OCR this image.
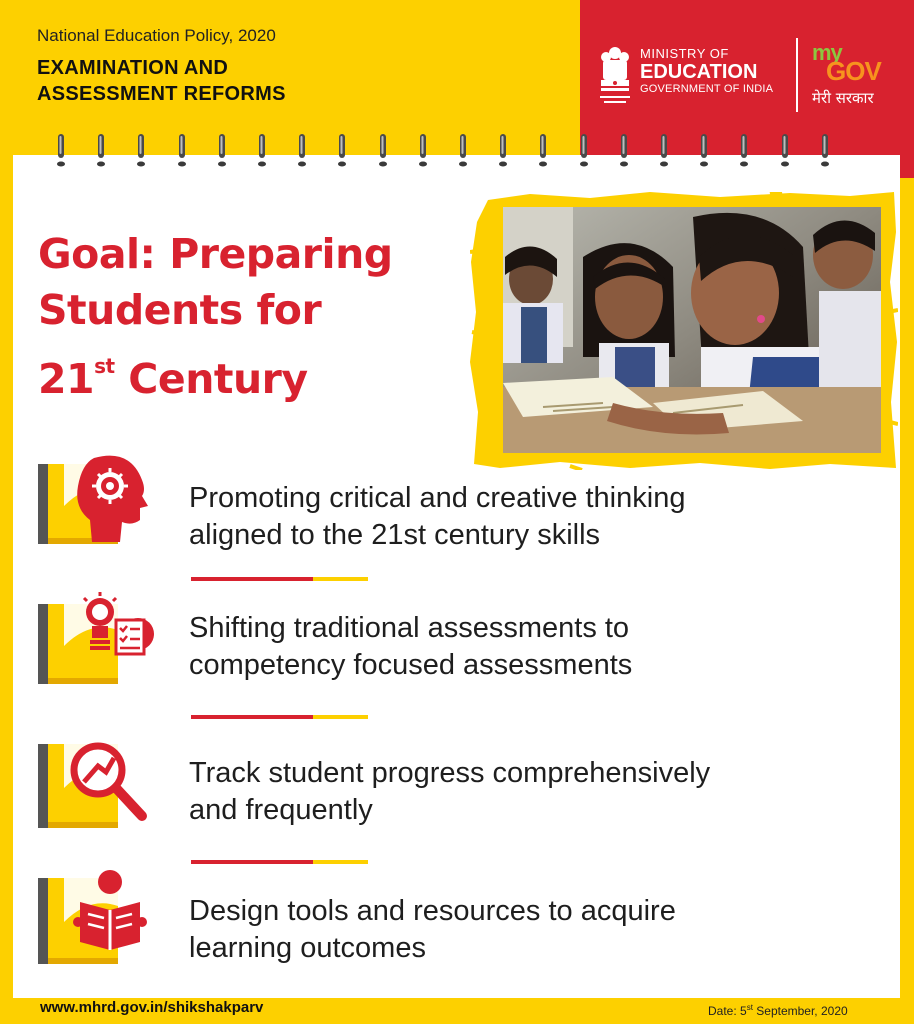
National Education Policy, 2020
EXAMINATION AND
ASSESSMENT REFORMS
MINISTRY OF
EDUCATION
GOVERNMENT OF INDIA
my
GOV
मेरी सरकार
Goal: Preparing
Students for
21st Century
Promoting critical and creative thinking
aligned to the 21st century skills
Shifting traditional assessments to
competency focused assessments
Track student progress comprehensively
and frequently
Design tools and resources to acquire
learning outcomes
www.mhrd.gov.in/shikshakparv	Date: 5st September, 2020
